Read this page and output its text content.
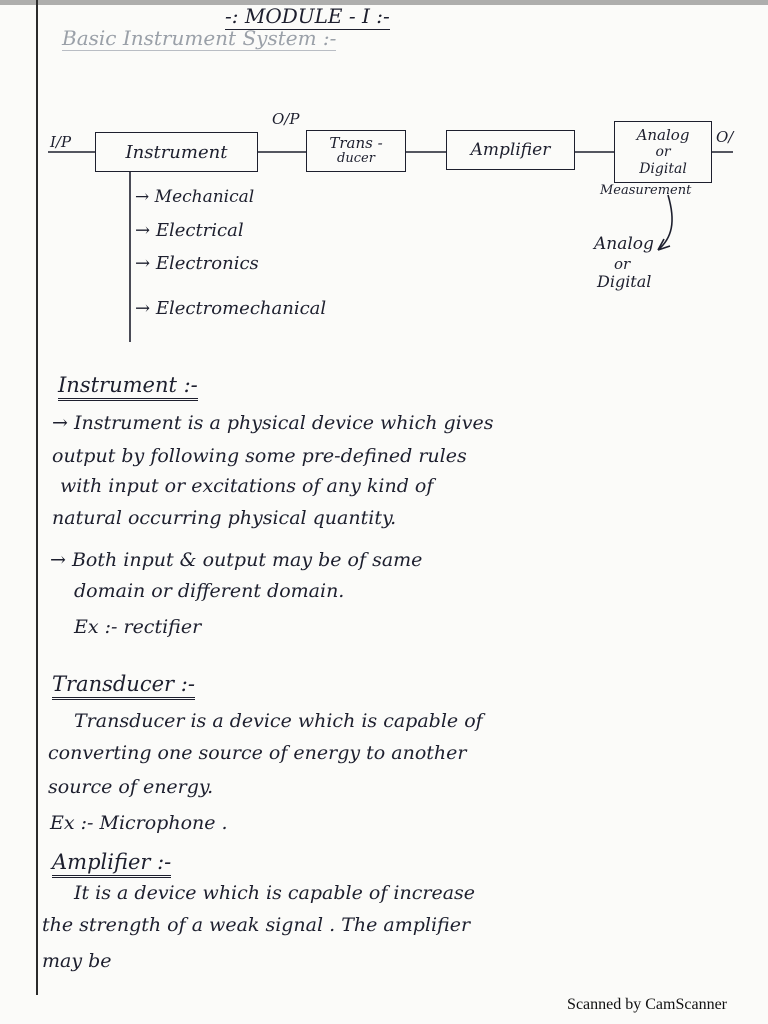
-: MODULE - I :-
Basic Instrument System :-
I/P
O/P
Instrument	Trans -
ducer	Amplifier
Analog
or
Digital
O/
Measurement
Analog
or
Digital
→ Mechanical
→ Electrical
→ Electronics
→ Electromechanical
Instrument :-
→ Instrument is a physical device which gives
output by following some pre-defined rules
with input or excitations of any kind of
natural occurring physical quantity.
→ Both input & output may be of same
domain or different domain.
Ex :- rectifier
Transducer :-
Transducer is a device which is capable of
converting one source of energy to another
source of energy.
Ex :- Microphone .
Amplifier :-
It is a device which is capable of increase
the strength of a weak signal . The amplifier
may be
Scanned by CamScanner
